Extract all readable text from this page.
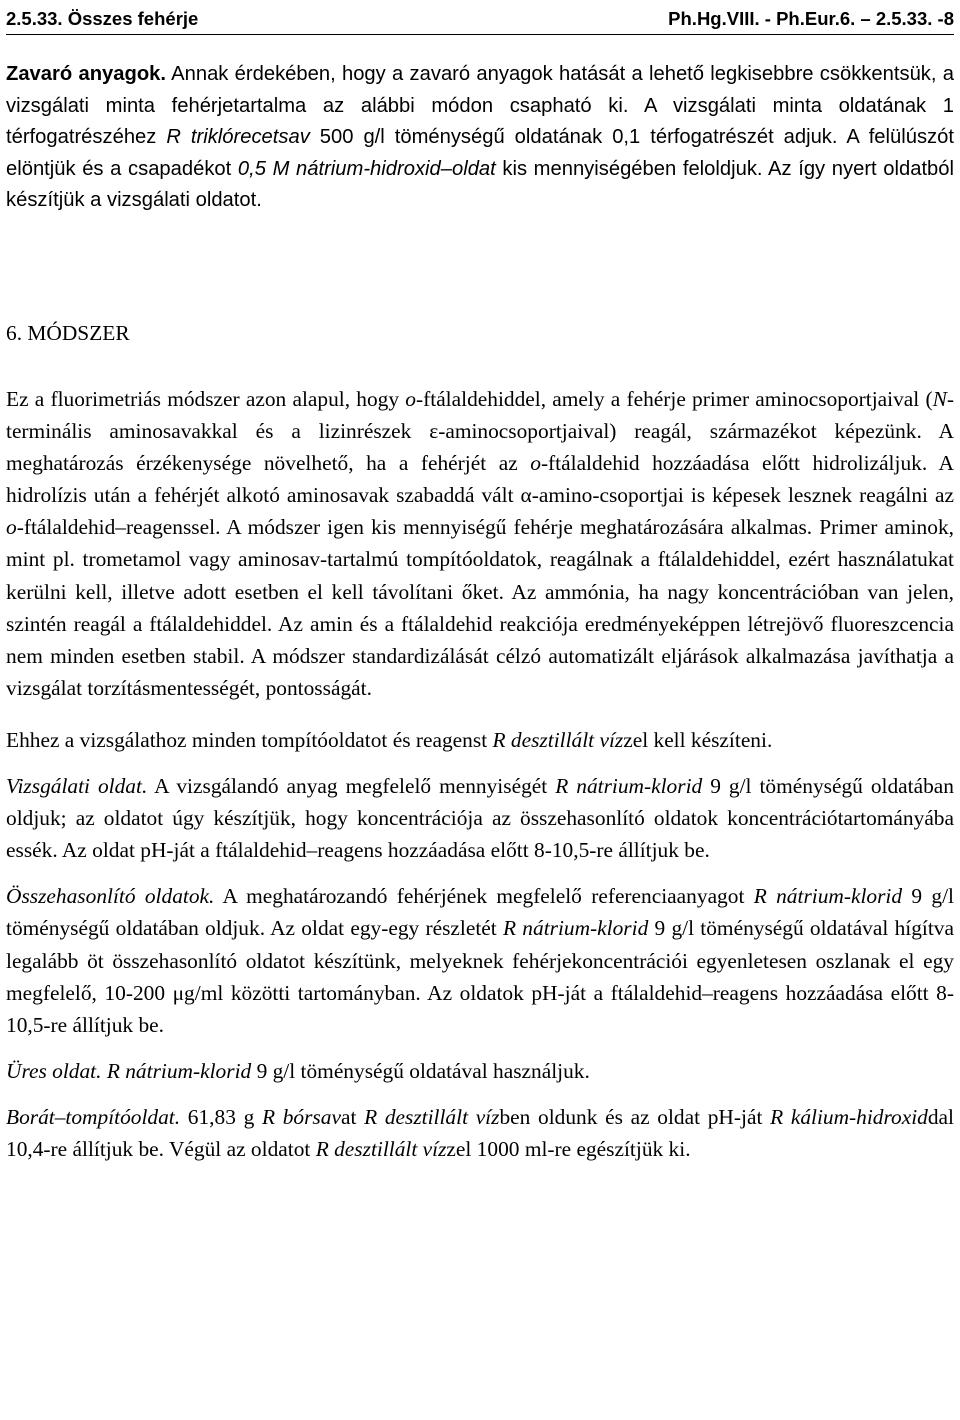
2.5.33. Összes fehérje	Ph.Hg.VIII. - Ph.Eur.6. – 2.5.33. -8

Zavaró anyagok. Annak érdekében, hogy a zavaró anyagok hatását a lehető legkisebbre csökkentsük, a vizsgálati minta fehérjetartalma az alábbi módon csapható ki. A vizsgálati minta oldatának 1 térfogatrészéhez R triklórecetsav 500 g/l töménységű oldatának 0,1 térfogatrészét adjuk. A felülúszót elöntjük és a csapadékot 0,5 M nátrium-hidroxid–oldat kis mennyiségében feloldjuk. Az így nyert oldatból készítjük a vizsgálati oldatot.

6. MÓDSZER

Ez a fluorimetriás módszer azon alapul, hogy o-ftálaldehiddel, amely a fehérje primer aminocsoportjaival (N-terminális aminosavakkal és a lizinrészek ε-aminocsoportjaival) reagál, származékot képezünk. A meghatározás érzékenysége növelhető, ha a fehérjét az o-ftálaldehid hozzáadása előtt hidrolizáljuk. A hidrolízis után a fehérjét alkotó aminosavak szabaddá vált α-amino-csoportjai is képesek lesznek reagálni az o-ftálaldehid–reagenssel. A módszer igen kis mennyiségű fehérje meghatározására alkalmas. Primer aminok, mint pl. trometamol vagy aminosav-tartalmú tompítóoldatok, reagálnak a ftálaldehiddel, ezért használatukat kerülni kell, illetve adott esetben el kell távolítani őket. Az ammónia, ha nagy koncentrációban van jelen, szintén reagál a ftálaldehiddel. Az amin és a ftálaldehid reakciója eredményeképpen létrejövő fluoreszcencia nem minden esetben stabil. A módszer standardizálását célzó automatizált eljárások alkalmazása javíthatja a vizsgálat torzításmentességét, pontosságát.

Ehhez a vizsgálathoz minden tompítóoldatot és reagenst R desztillált vízzel kell készíteni.

Vizsgálati oldat. A vizsgálandó anyag megfelelő mennyiségét R nátrium-klorid 9 g/l töménységű oldatában oldjuk; az oldatot úgy készítjük, hogy koncentrációja az összehasonlító oldatok koncentrációtartományába essék. Az oldat pH-ját a ftálaldehid–reagens hozzáadása előtt 8-10,5-re állítjuk be.

Összehasonlító oldatok. A meghatározandó fehérjének megfelelő referenciaanyagot R nátrium-klorid 9 g/l töménységű oldatában oldjuk. Az oldat egy-egy részletét R nátrium-klorid 9 g/l töménységű oldatával hígítva legalább öt összehasonlító oldatot készítünk, melyeknek fehérjekoncentrációi egyenletesen oszlanak el egy megfelelő, 10-200 μg/ml közötti tartományban. Az oldatok pH-ját a ftálaldehid–reagens hozzáadása előtt 8-10,5-re állítjuk be.

Üres oldat. R nátrium-klorid 9 g/l töménységű oldatával használjuk.

Borát–tompítóoldat. 61,83 g R bórsavat R desztillált vízben oldunk és az oldat pH-ját R kálium-hidroxiddal 10,4-re állítjuk be. Végül az oldatot R desztillált vízzel 1000 ml-re egészítjük ki.
